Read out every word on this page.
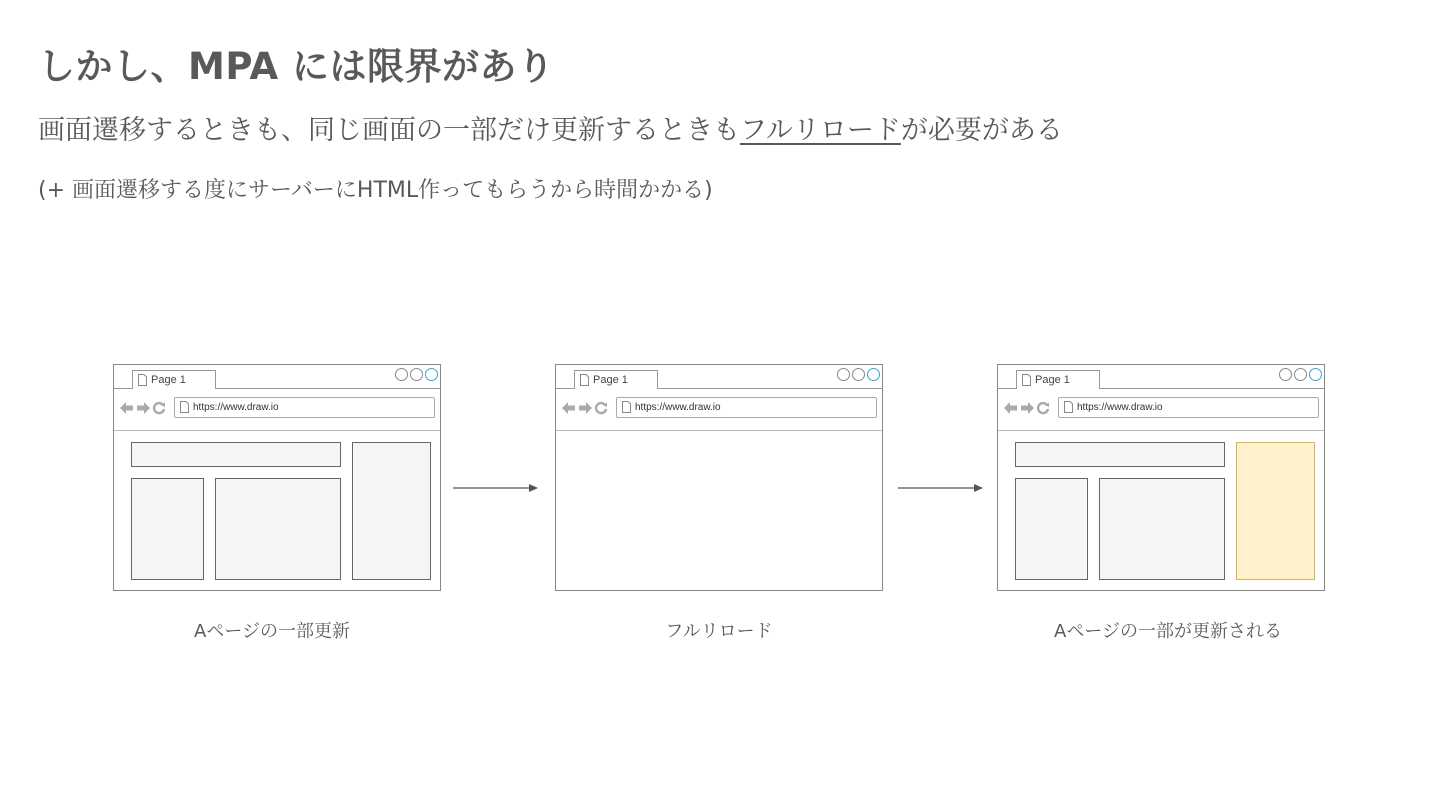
しかし、MPA には限界があり

画面遷移するときも、同じ画面の一部だけ更新するときもフルリロードが必要がある

(+ 画面遷移する度にサーバーにHTML作ってもらうから時間かかる)

Page 1
https://www.draw.io
Page 1
https://www.draw.io
Page 1
https://www.draw.io
Aページの一部更新	フルリロード	Aページの一部が更新される
